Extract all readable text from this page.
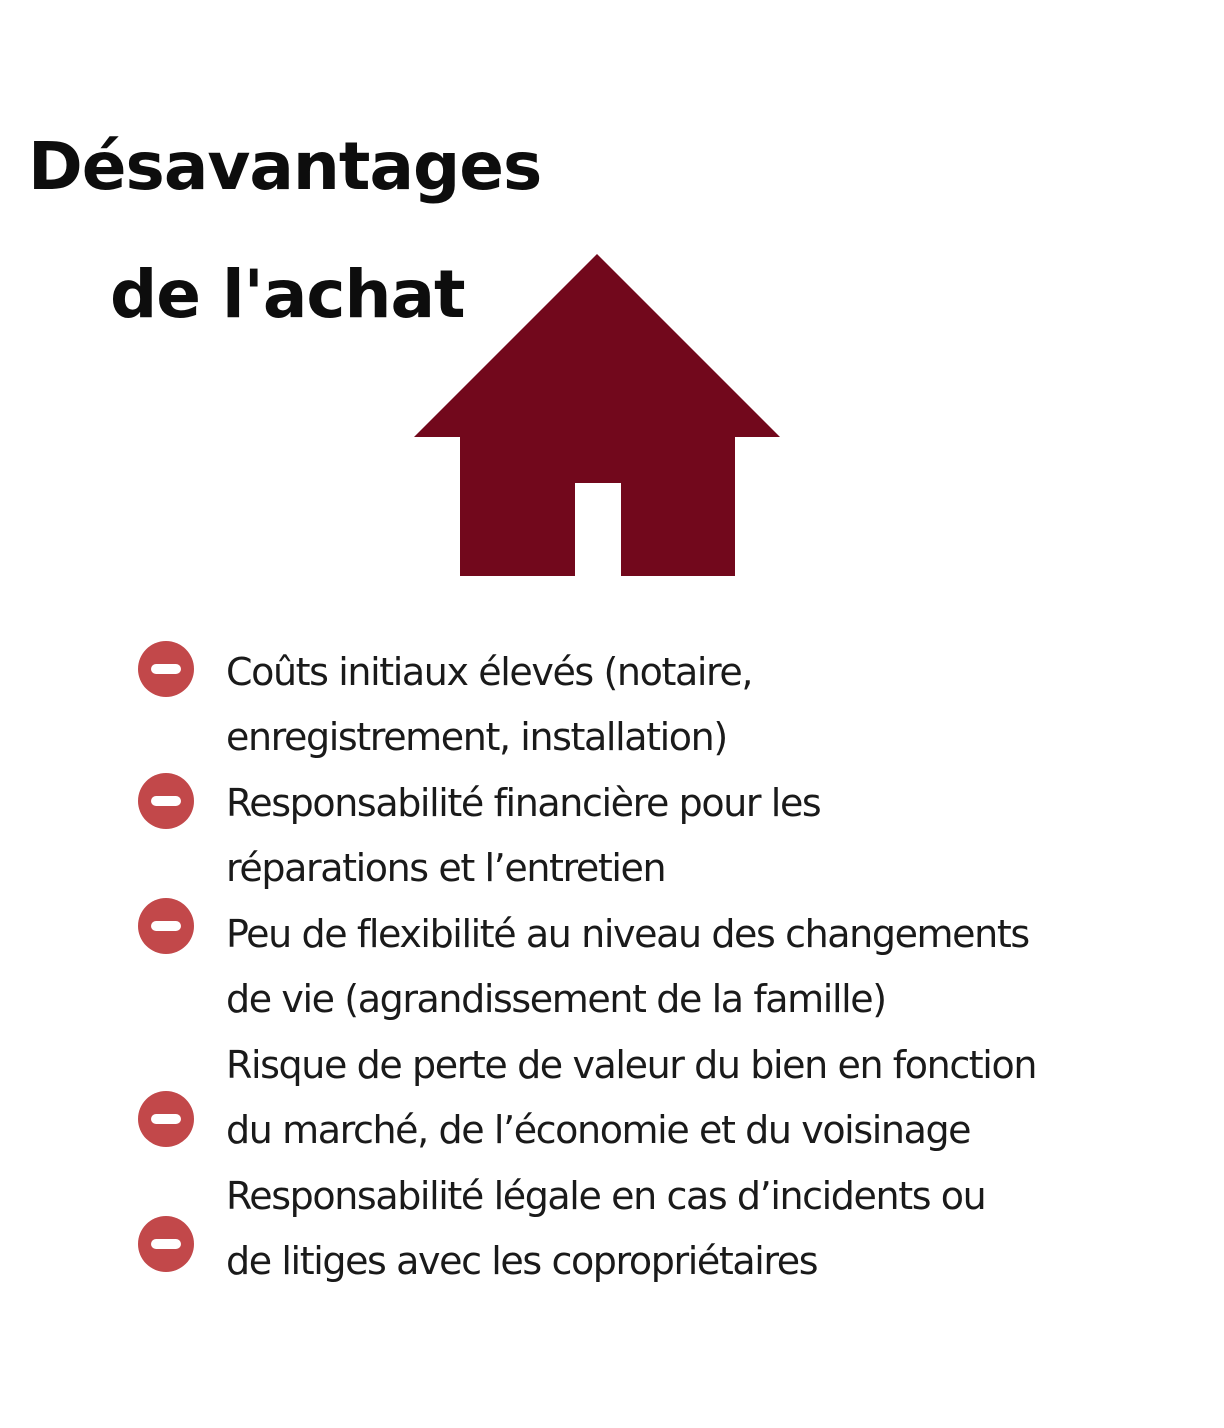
Désavantages
de l'achat
Coûts initiaux élevés (notaire,
enregistrement, installation)
Responsabilité financière pour les
réparations et l’entretien
Peu de flexibilité au niveau des changements
de vie (agrandissement de la famille)
Risque de perte de valeur du bien en fonction
du marché, de l’économie et du voisinage
Responsabilité légale en cas d’incidents ou
de litiges avec les copropriétaires
